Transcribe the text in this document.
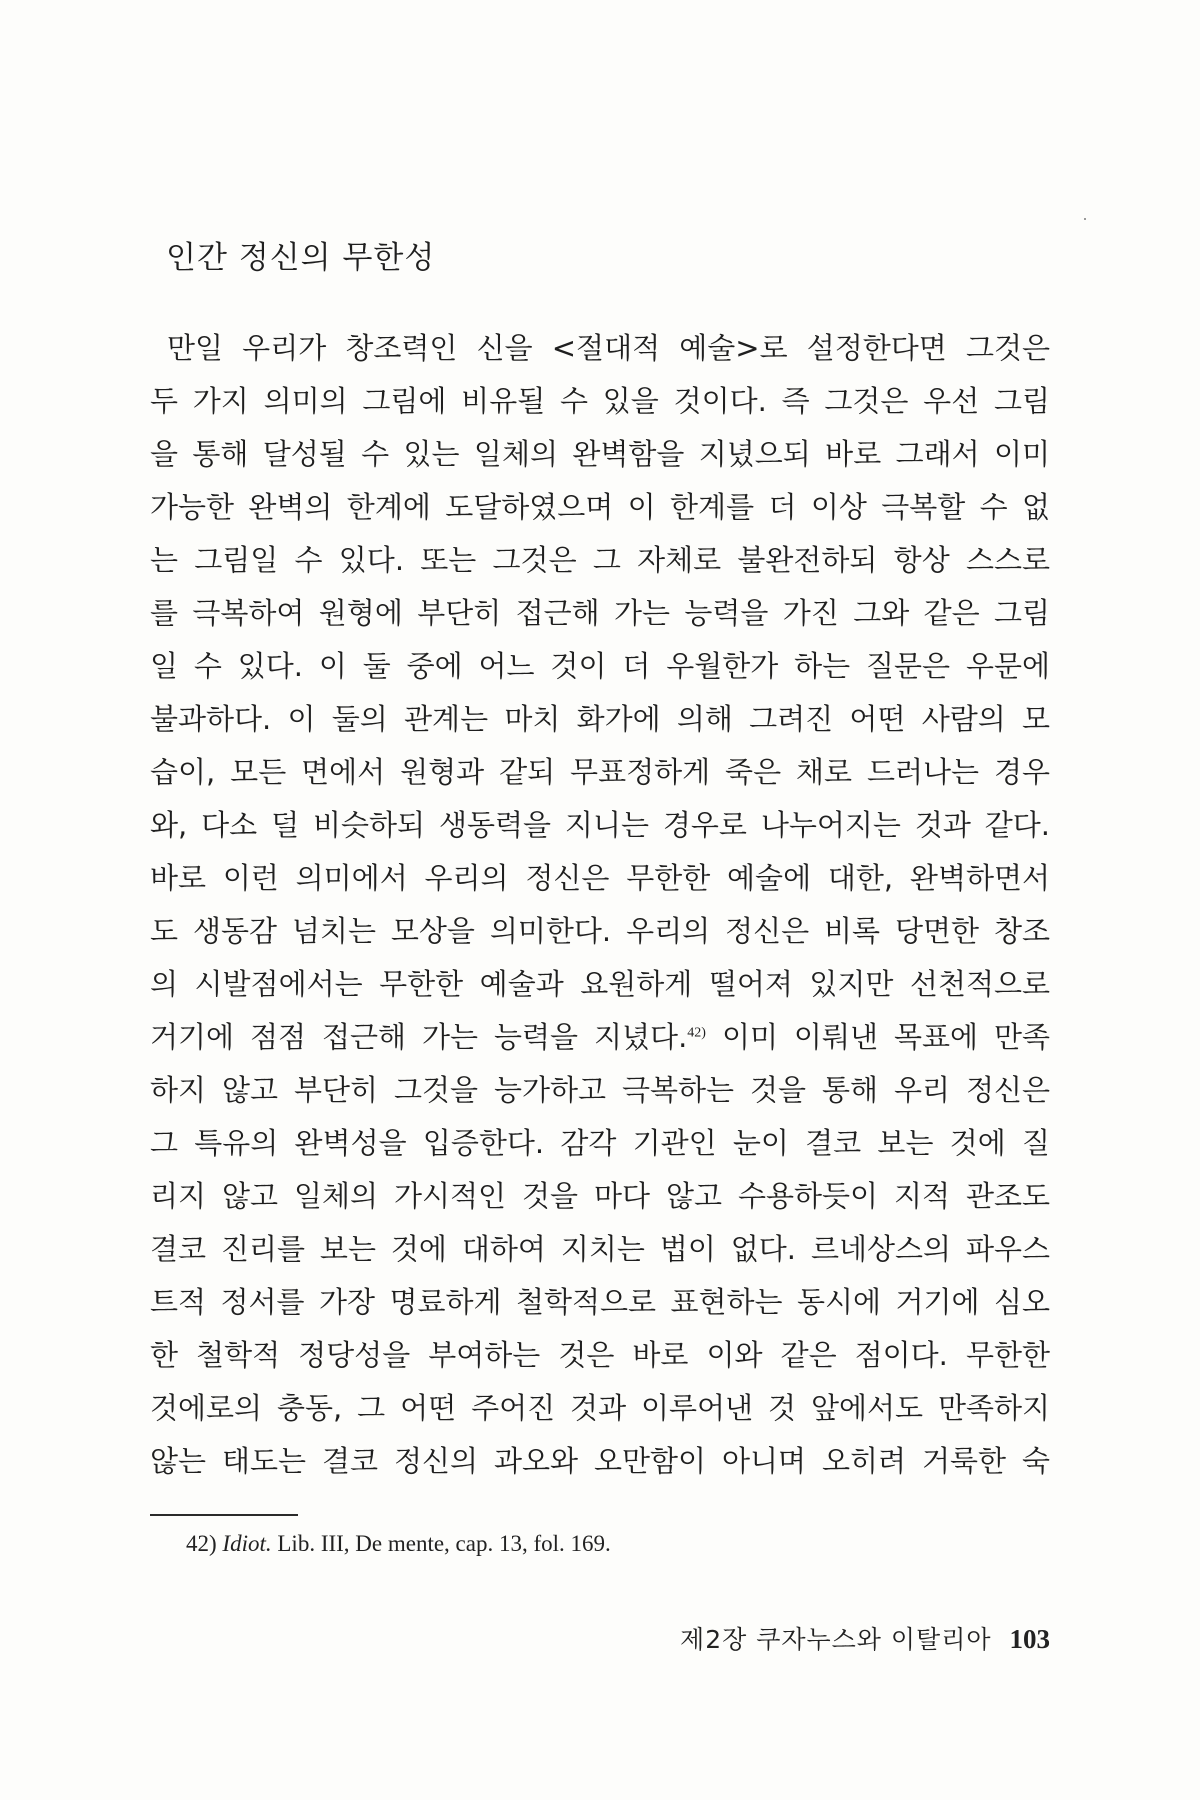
인간 정신의 무한성
만일 우리가 창조력인 신을 <절대적 예술>로 설정한다면 그것은
두 가지 의미의 그림에 비유될 수 있을 것이다. 즉 그것은 우선 그림
을 통해 달성될 수 있는 일체의 완벽함을 지녔으되 바로 그래서 이미
가능한 완벽의 한계에 도달하였으며 이 한계를 더 이상 극복할 수 없
는 그림일 수 있다. 또는 그것은 그 자체로 불완전하되 항상 스스로
를 극복하여 원형에 부단히 접근해 가는 능력을 가진 그와 같은 그림
일 수 있다. 이 둘 중에 어느 것이 더 우월한가 하는 질문은 우문에
불과하다. 이 둘의 관계는 마치 화가에 의해 그려진 어떤 사람의 모
습이, 모든 면에서 원형과 같되 무표정하게 죽은 채로 드러나는 경우
와, 다소 덜 비슷하되 생동력을 지니는 경우로 나누어지는 것과 같다.
바로 이런 의미에서 우리의 정신은 무한한 예술에 대한, 완벽하면서
도 생동감 넘치는 모상을 의미한다. 우리의 정신은 비록 당면한 창조
의 시발점에서는 무한한 예술과 요원하게 떨어져 있지만 선천적으로
거기에 점점 접근해 가는 능력을 지녔다.$^{42)}$ 이미 이뤄낸 목표에 만족
하지 않고 부단히 그것을 능가하고 극복하는 것을 통해 우리 정신은
그 특유의 완벽성을 입증한다. 감각 기관인 눈이 결코 보는 것에 질
리지 않고 일체의 가시적인 것을 마다 않고 수용하듯이 지적 관조도
결코 진리를 보는 것에 대하여 지치는 법이 없다. 르네상스의 파우스
트적 정서를 가장 명료하게 철학적으로 표현하는 동시에 거기에 심오
한 철학적 정당성을 부여하는 것은 바로 이와 같은 점이다. 무한한
것에로의 충동, 그 어떤 주어진 것과 이루어낸 것 앞에서도 만족하지
않는 태도는 결코 정신의 과오와 오만함이 아니며 오히려 거룩한 숙
42) Idiot. Lib. III, De mente, cap. 13, fol. 169.
제2장 쿠자누스와 이탈리아 103
